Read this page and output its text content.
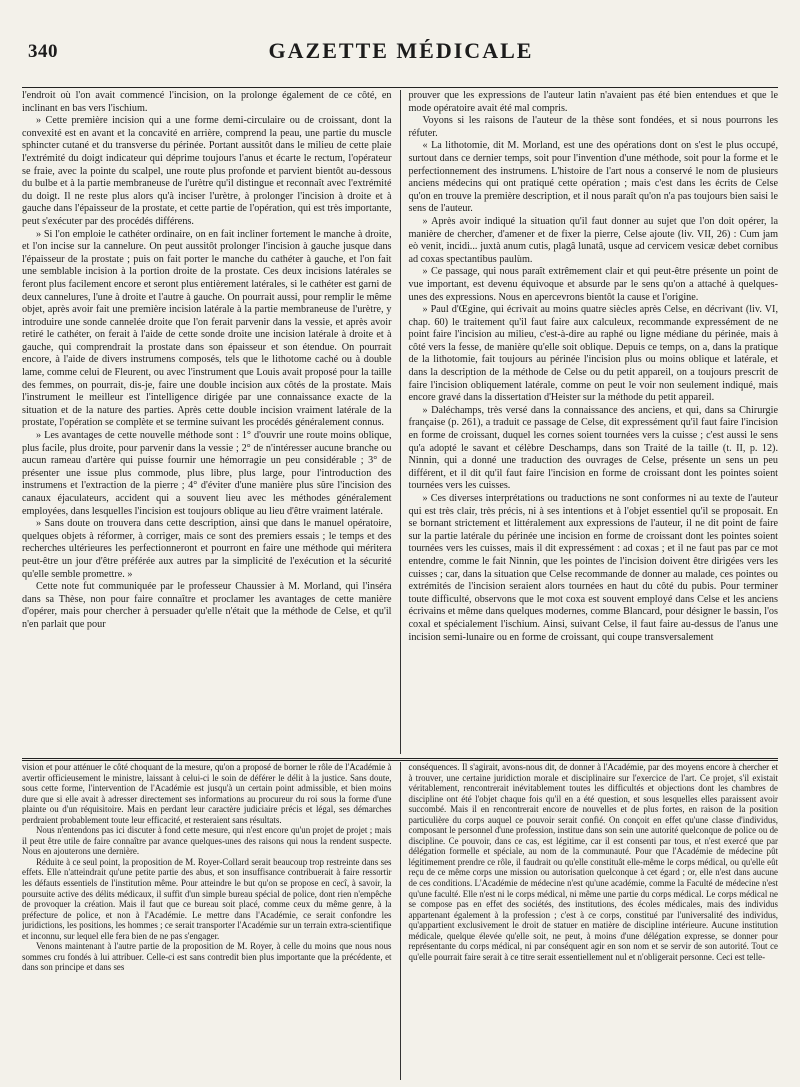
340	GAZETTE MÉDICALE

l'endroit où l'on avait commencé l'incision, on la prolonge également de ce côté, en inclinant en bas vers l'ischium.

» Cette première incision qui a une forme demi-circulaire ou de croissant, dont la convexité est en avant et la concavité en arrière, comprend la peau, une partie du muscle sphincter cutané et du transverse du périnée. Portant aussitôt dans le milieu de cette plaie l'extrémité du doigt indicateur qui déprime toujours l'anus et écarte le rectum, l'opérateur se fraie, avec la pointe du scalpel, une route plus profonde et parvient bientôt au-dessous du bulbe et à la partie membraneuse de l'urètre qu'il distingue et reconnaît avec l'extrémité du doigt. Il ne reste plus alors qu'à inciser l'urètre, à prolonger l'incision à droite et à gauche dans l'épaisseur de la prostate, et cette partie de l'opération, qui est très importante, peut s'exécuter par des procédés différens.

» Si l'on emploie le cathéter ordinaire, on en fait incliner fortement le manche à droite, et l'on incise sur la cannelure. On peut aussitôt prolonger l'incision à gauche jusque dans l'épaisseur de la prostate ; puis on fait porter le manche du cathéter à gauche, et l'on fait une semblable incision à la portion droite de la prostate. Ces deux incisions latérales se feront plus facilement encore et seront plus entièrement latérales, si le cathéter est garni de deux cannelures, l'une à droite et l'autre à gauche. On pourrait aussi, pour remplir le même objet, après avoir fait une première incision latérale à la partie membraneuse de l'urètre, y introduire une sonde cannelée droite que l'on ferait parvenir dans la vessie, et après avoir retiré le cathéter, on ferait à l'aide de cette sonde droite une incision latérale à droite et à gauche, qui comprendrait la prostate dans son épaisseur et son étendue. On pourrait encore, à l'aide de divers instrumens composés, tels que le lithotome caché ou à double lame, comme celui de Fleurent, ou avec l'instrument que Louis avait proposé pour la taille des femmes, on pourrait, dis-je, faire une double incision aux côtés de la prostate. Mais l'instrument le meilleur est l'intelligence dirigée par une connaissance exacte de la situation et de la nature des parties. Après cette double incision vraiment latérale de la prostate, l'opération se complète et se termine suivant les procédés généralement connus.

» Les avantages de cette nouvelle méthode sont : 1° d'ouvrir une route moins oblique, plus facile, plus droite, pour parvenir dans la vessie ; 2° de n'intéresser aucune branche ou aucun rameau d'artère qui puisse fournir une hémorragie un peu considérable ; 3° de présenter une issue plus commode, plus libre, plus large, pour l'introduction des instrumens et l'extraction de la pierre ; 4° d'éviter d'une manière plus sûre l'incision des canaux éjaculateurs, accident qui a souvent lieu avec les méthodes généralement employées, dans lesquelles l'incision est toujours oblique au lieu d'être vraiment latérale.

» Sans doute on trouvera dans cette description, ainsi que dans le manuel opératoire, quelques objets à réformer, à corriger, mais ce sont des premiers essais ; le temps et des recherches ultérieures les perfectionneront et pourront en faire une méthode qui méritera peut-être un jour d'être préférée aux autres par la simplicité de l'exécution et la sécurité qu'elle semble promettre. »

Cette note fut communiquée par le professeur Chaussier à M. Morland, qui l'inséra dans sa Thèse, non pour faire connaître et proclamer les avantages de cette manière d'opérer, mais pour chercher à persuader qu'elle n'était que la méthode de Celse, et qu'il n'en parlait que pour

prouver que les expressions de l'auteur latin n'avaient pas été bien entendues et que le mode opératoire avait été mal compris.

Voyons si les raisons de l'auteur de la thèse sont fondées, et si nous pourrons les réfuter.

« La lithotomie, dit M. Morland, est une des opérations dont on s'est le plus occupé, surtout dans ce dernier temps, soit pour l'invention d'une méthode, soit pour la forme et le perfectionnement des instrumens. L'histoire de l'art nous a conservé le nom de plusieurs anciens médecins qui ont pratiqué cette opération ; mais c'est dans les écrits de Celse qu'on en trouve la première description, et il nous paraît qu'on n'a pas toujours bien saisi le sens de l'auteur.

» Après avoir indiqué la situation qu'il faut donner au sujet que l'on doit opérer, la manière de chercher, d'amener et de fixer la pierre, Celse ajoute (liv. VII, 26) : Cum jam eò venit, incidi... juxtà anum cutis, plagâ lunatâ, usque ad cervicem vesicæ debet cornibus ad coxas spectantibus paulùm.

» Ce passage, qui nous paraît extrêmement clair et qui peut-être présente un point de vue important, est devenu équivoque et absurde par le sens qu'on a attaché à quelques-unes des expressions. Nous en apercevrons bientôt la cause et l'origine.

» Paul d'Œgine, qui écrivait au moins quatre siècles après Celse, en décrivant (liv. VI, chap. 60) le traitement qu'il faut faire aux calculeux, recommande expressément de ne point faire l'incision au milieu, c'est-à-dire au raphé ou ligne médiane du périnée, mais à côté vers la fesse, de manière qu'elle soit oblique. Depuis ce temps, on a, dans la pratique de la lithotomie, fait toujours au périnée l'incision plus ou moins oblique et latérale, et dans la description de la méthode de Celse ou du petit appareil, on a toujours prescrit de faire l'incision obliquement latérale, comme on peut le voir non seulement indiqué, mais encore gravé dans la dissertation d'Heister sur la méthode du petit appareil.

» Daléchamps, très versé dans la connaissance des anciens, et qui, dans sa Chirurgie française (p. 261), a traduit ce passage de Celse, dit expressément qu'il faut faire l'incision en forme de croissant, duquel les cornes soient tournées vers la cuisse ; c'est aussi le sens qu'a adopté le savant et célèbre Deschamps, dans son Traité de la taille (t. II, p. 12). Ninnin, qui a donné une traduction des ouvrages de Celse, présente un sens un peu différent, et il dit qu'il faut faire l'incision en forme de croissant dont les pointes soient tournées vers les cuisses.

» Ces diverses interprétations ou traductions ne sont conformes ni au texte de l'auteur qui est très clair, très précis, ni à ses intentions et à l'objet essentiel qu'il se proposait. En se bornant strictement et littéralement aux expressions de l'auteur, il ne dit point de faire sur la partie latérale du périnée une incision en forme de croissant dont les pointes soient tournées vers les cuisses, mais il dit expressément : ad coxas ; et il ne faut pas par ce mot entendre, comme le fait Ninnin, que les pointes de l'incision doivent être dirigées vers les cuisses ; car, dans la situation que Celse recommande de donner au malade, ces pointes ou extrémités de l'incision seraient alors tournées en haut du côté du pubis. Pour terminer toute difficulté, observons que le mot coxa est souvent employé dans Celse et les anciens écrivains et même dans quelques modernes, comme Blancard, pour désigner le bassin, l'os coxal et spécialement l'ischium. Ainsi, suivant Celse, il faut faire au-dessus de l'anus une incision semi-lunaire ou en forme de croissant, qui coupe transversalement

vision et pour atténuer le côté choquant de la mesure, qu'on a proposé de borner le rôle de l'Académie à avertir officieusement le ministre, laissant à celui-ci le soin de déférer le délit à la justice. Sans doute, sous cette forme, l'intervention de l'Académie est jusqu'à un certain point admissible, et bien moins dure que si elle avait à adresser directement ses informations au procureur du roi sous la forme d'une plainte ou d'un réquisitoire. Mais en perdant leur caractère judiciaire précis et légal, ses démarches perdraient probablement toute leur efficacité, et resteraient sans résultats.

Nous n'entendons pas ici discuter à fond cette mesure, qui n'est encore qu'un projet de projet ; mais il peut être utile de faire connaître par avance quelques-unes des raisons qui nous la rendent suspecte. Nous en ajouterons une dernière.

Réduite à ce seul point, la proposition de M. Royer-Collard serait beaucoup trop restreinte dans ses effets. Elle n'atteindrait qu'une petite partie des abus, et son insuffisance contribuerait à faire ressortir les défauts essentiels de l'institution même. Pour atteindre le but qu'on se propose en cecî, à savoir, la poursuite active des délits médicaux, il suffit d'un simple bureau spécial de police, dont rien n'empêche de provoquer la création. Mais il faut que ce bureau soit placé, comme ceux du même genre, à la préfecture de police, et non à l'Académie. Le mettre dans l'Académie, ce serait confondre les juridictions, les positions, les hommes ; ce serait transporter l'Académie sur un terrain extra-scientifique et inconnu, sur lequel elle fera bien de ne pas s'engager.

Venons maintenant à l'autre partie de la proposition de M. Royer, à celle du moins que nous nous sommes cru fondés à lui attribuer. Celle-ci est sans contredit bien plus importante que la précédente, et dans son principe et dans ses

conséquences. Il s'agirait, avons-nous dit, de donner à l'Académie, par des moyens encore à chercher et à trouver, une certaine juridiction morale et disciplinaire sur l'exercice de l'art. Ce projet, s'il existait véritablement, rencontrerait inévitablement toutes les difficultés et objections dont les chambres de discipline ont été l'objet chaque fois qu'il en a été question, et sous lesquelles elles paraissent avoir succombé. Mais il en rencontrerait encore de nouvelles et de plus fortes, en raison de la position particulière du corps auquel ce pouvoir serait confié. On conçoit en effet qu'une classe d'individus, composant le personnel d'une profession, institue dans son sein une autorité quelconque de police ou de discipline. Ce pouvoir, dans ce cas, est légitime, car il est consenti par tous, et n'est exercé que par délégation formelle et spéciale, au nom de la communauté. Pour que l'Académie de médecine pût légitimement prendre ce rôle, il faudrait ou qu'elle constituât elle-même le corps médical, ou qu'elle eût reçu de ce même corps une mission ou autorisation quelconque à cet égard ; or, elle n'est dans aucune de ces conditions. L'Académie de médecine n'est qu'une académie, comme la Faculté de médecine n'est qu'une faculté. Elle n'est ni le corps médical, ni même une partie du corps médical. Le corps médical ne se compose pas en effet des sociétés, des institutions, des écoles médicales, mais des individus appartenant également à la profession ; c'est à ce corps, constitué par l'universalité des individus, qu'appartient exclusivement le droit de statuer en matière de discipline intérieure. Aucune institution médicale, quelque élevée qu'elle soit, ne peut, à moins d'une délégation expresse, se donner pour représentante du corps médical, ni par conséquent agir en son nom et se servir de son autorité. Tout ce qu'elle pourrait faire serait à ce titre serait essentiellement nul et n'obligerait personne. Ceci est telle-
